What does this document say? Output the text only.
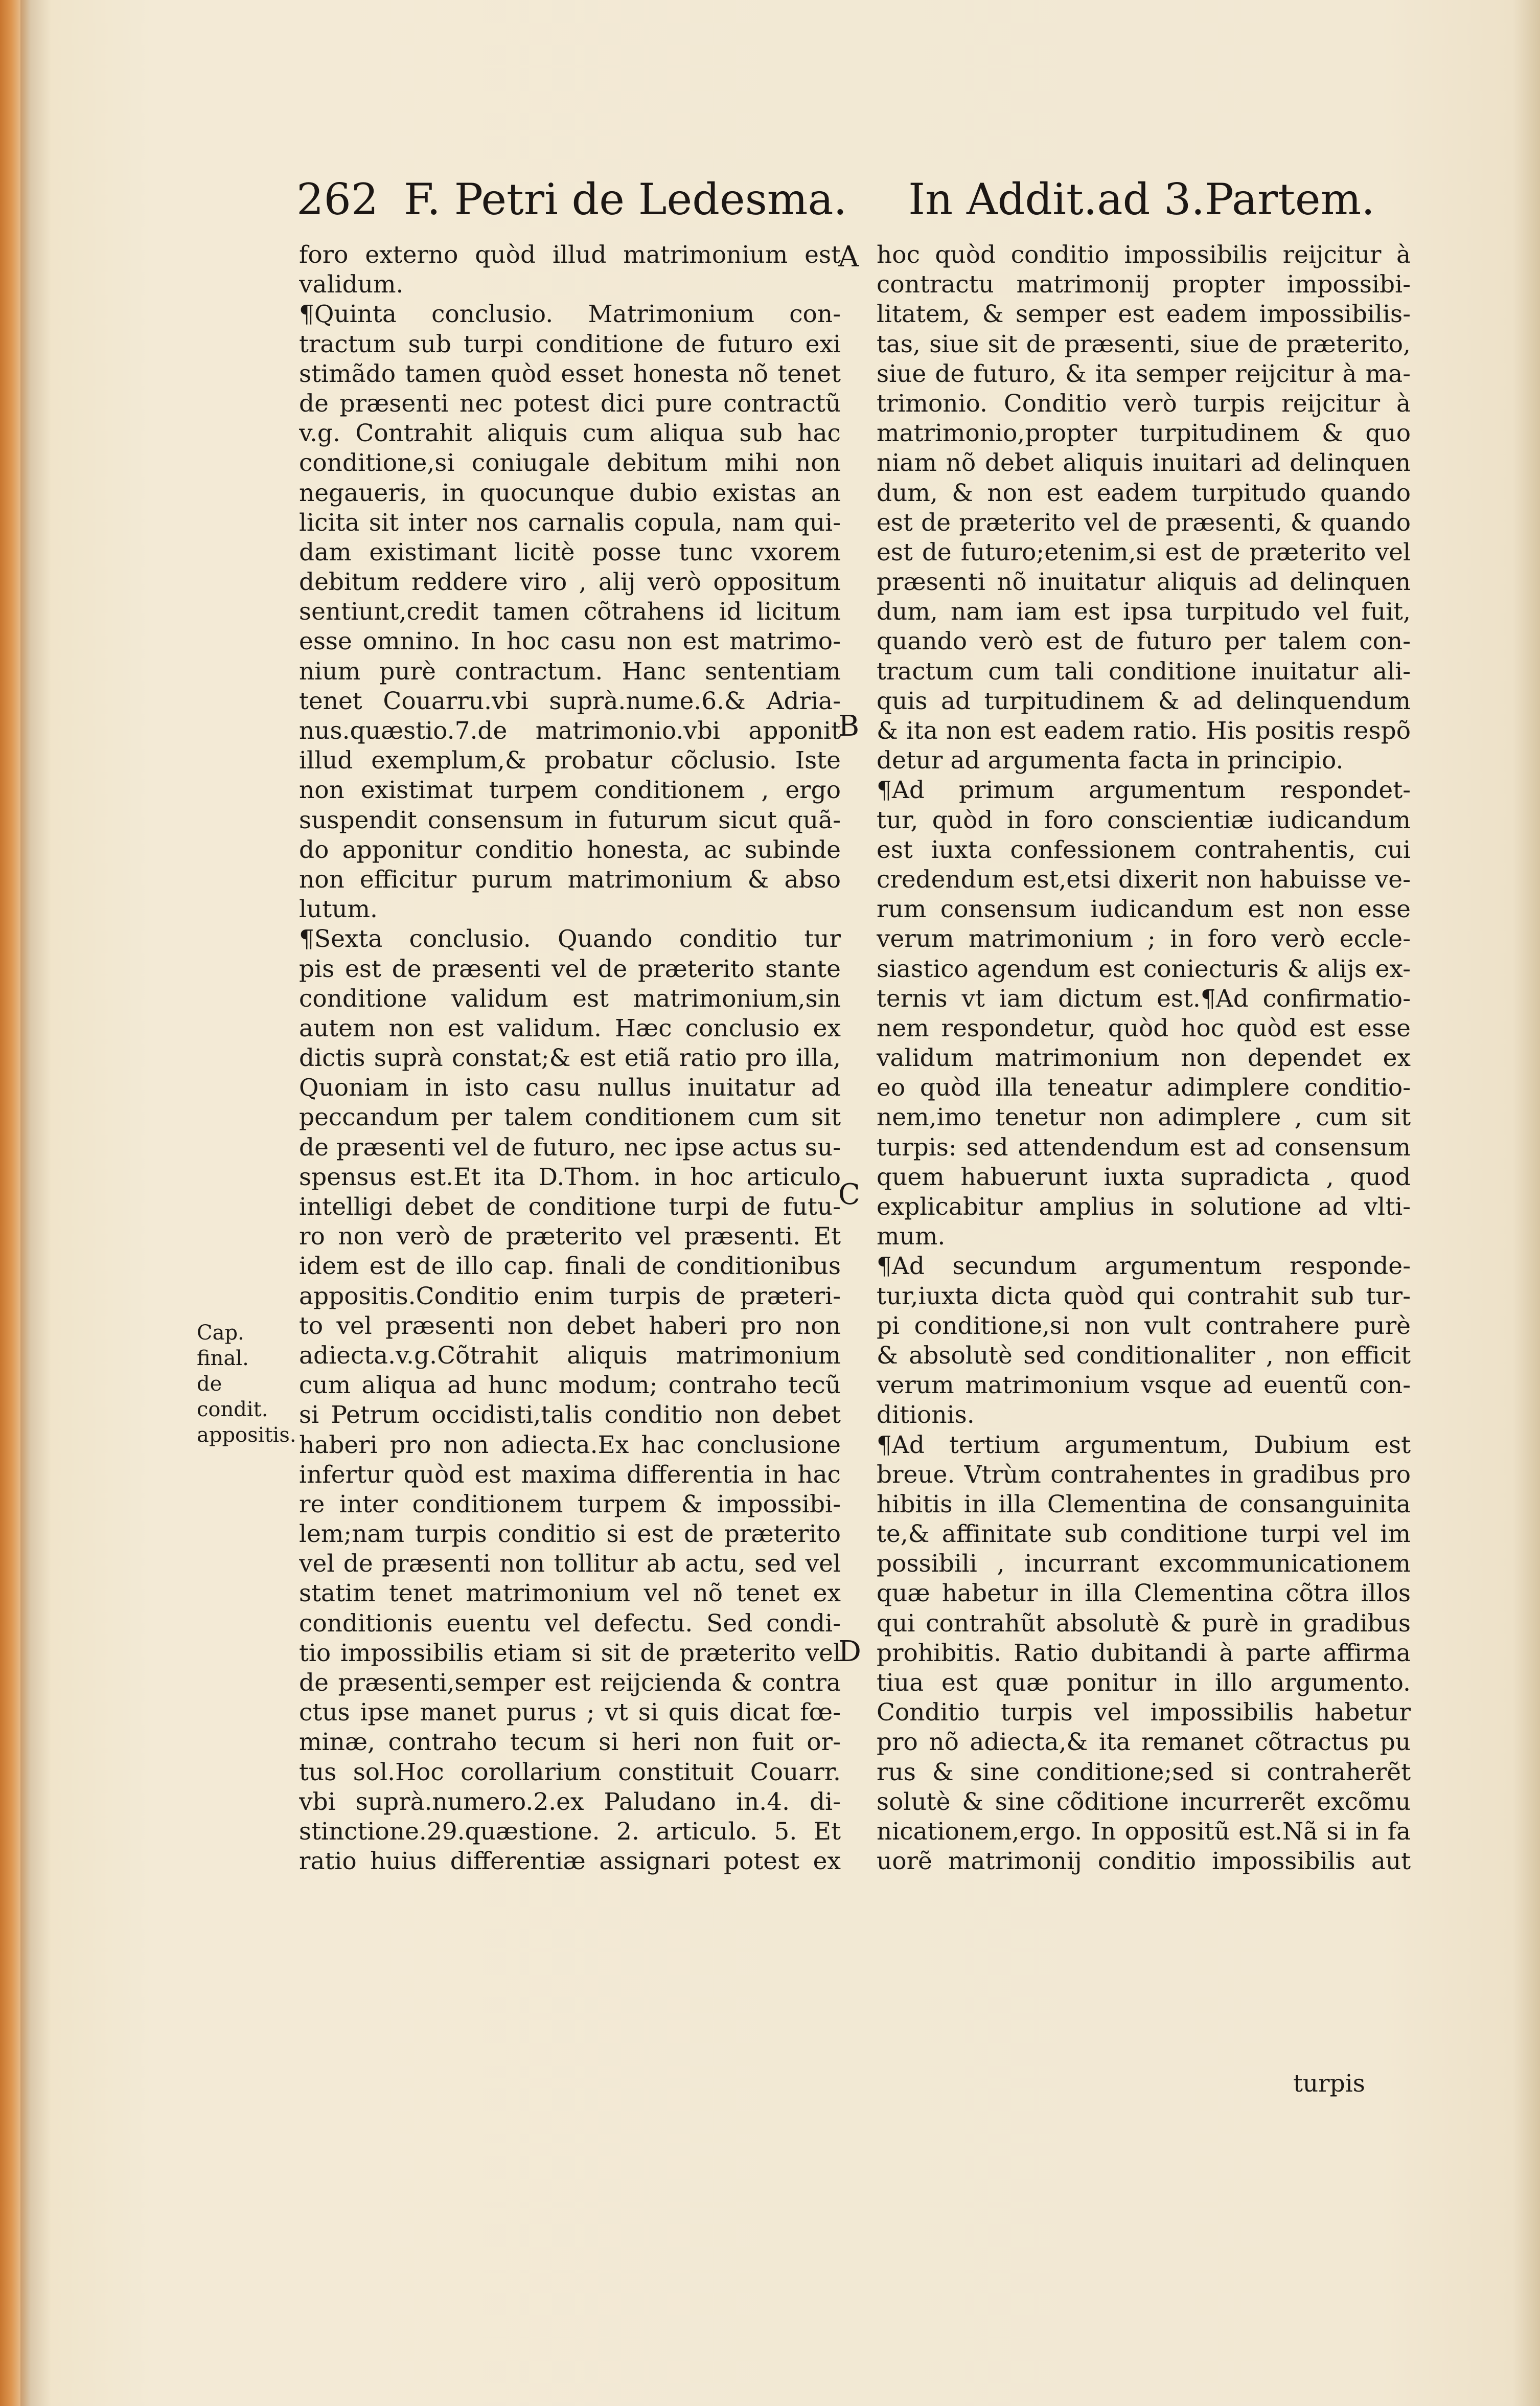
262 F. Petri de Ledesma. In Addit.ad 3.Partem.
A
B
C
D
Cap. final.
de condit.
appositis.
foro externo quòd illud matrimonium est
validum.
¶Quinta conclusio. Matrimonium con-
tractum sub turpi conditione de futuro exi
stimãdo tamen quòd esset honesta nõ tenet
de præsenti nec potest dici pure contractũ
v.g. Contrahit aliquis cum aliqua sub hac
conditione,si coniugale debitum mihi non
negaueris, in quocunque dubio existas an
licita sit inter nos carnalis copula, nam qui-
dam existimant licitè posse tunc vxorem
debitum reddere viro , alij verò oppositum
sentiunt,credit tamen cõtrahens id licitum
esse omnino. In hoc casu non est matrimo-
nium purè contractum. Hanc sententiam
tenet Couarru.vbi suprà.nume.6.& Adria-
nus.quæstio.7.de matrimonio.vbi apponit
illud exemplum,& probatur cõclusio. Iste
non existimat turpem conditionem , ergo
suspendit consensum in futurum sicut quã-
do apponitur conditio honesta, ac subinde
non efficitur purum matrimonium & abso
lutum.
¶Sexta conclusio. Quando conditio tur
pis est de præsenti vel de præterito stante
conditione validum est matrimonium,sin
autem non est validum. Hæc conclusio ex
dictis suprà constat;& est etiã ratio pro illa,
Quoniam in isto casu nullus inuitatur ad
peccandum per talem conditionem cum sit
de præsenti vel de futuro, nec ipse actus su-
spensus est.Et ita D.Thom. in hoc articulo
intelligi debet de conditione turpi de futu-
ro non verò de præterito vel præsenti. Et
idem est de illo cap. finali de conditionibus
appositis.Conditio enim turpis de præteri-
to vel præsenti non debet haberi pro non
adiecta.v.g.Cõtrahit aliquis matrimonium
cum aliqua ad hunc modum; contraho tecũ
si Petrum occidisti,talis conditio non debet
haberi pro non adiecta.Ex hac conclusione
infertur quòd est maxima differentia in hac
re inter conditionem turpem & impossibi-
lem;nam turpis conditio si est de præterito
vel de præsenti non tollitur ab actu, sed vel
statim tenet matrimonium vel nõ tenet ex
conditionis euentu vel defectu. Sed condi-
tio impossibilis etiam si sit de præterito vel
de præsenti,semper est reijcienda & contra
ctus ipse manet purus ; vt si quis dicat fœ-
minæ, contraho tecum si heri non fuit or-
tus sol.Hoc corollarium constituit Couarr.
vbi suprà.numero.2.ex Paludano in.4. di-
stinctione.29.quæstione. 2. articulo. 5. Et
ratio huius differentiæ assignari potest ex
hoc quòd conditio impossibilis reijcitur à
contractu matrimonij propter impossibi-
litatem, & semper est eadem impossibilis-
tas, siue sit de præsenti, siue de præterito,
siue de futuro, & ita semper reijcitur à ma-
trimonio. Conditio verò turpis reijcitur à
matrimonio,propter turpitudinem & quo
niam nõ debet aliquis inuitari ad delinquen
dum, & non est eadem turpitudo quando
est de præterito vel de præsenti, & quando
est de futuro;etenim,si est de præterito vel
præsenti nõ inuitatur aliquis ad delinquen
dum, nam iam est ipsa turpitudo vel fuit,
quando verò est de futuro per talem con-
tractum cum tali conditione inuitatur ali-
quis ad turpitudinem & ad delinquendum
& ita non est eadem ratio. His positis respõ
detur ad argumenta facta in principio.
¶Ad primum argumentum respondet-
tur, quòd in foro conscientiæ iudicandum
est iuxta confessionem contrahentis, cui
credendum est,etsi dixerit non habuisse ve-
rum consensum iudicandum est non esse
verum matrimonium ; in foro verò eccle-
siastico agendum est coniecturis & alijs ex-
ternis vt iam dictum est.¶Ad confirmatio-
nem respondetur, quòd hoc quòd est esse
validum matrimonium non dependet ex
eo quòd illa teneatur adimplere conditio-
nem,imo tenetur non adimplere , cum sit
turpis: sed attendendum est ad consensum
quem habuerunt iuxta supradicta , quod
explicabitur amplius in solutione ad vlti-
mum.
¶Ad secundum argumentum responde-
tur,iuxta dicta quòd qui contrahit sub tur-
pi conditione,si non vult contrahere purè
& absolutè sed conditionaliter , non efficit
verum matrimonium vsque ad euentũ con-
ditionis.
¶Ad tertium argumentum, Dubium est
breue. Vtrùm contrahentes in gradibus pro
hibitis in illa Clementina de consanguinita
te,& affinitate sub conditione turpi vel im
possibili , incurrant excommunicationem
quæ habetur in illa Clementina cõtra illos
qui contrahũt absolutè & purè in gradibus
prohibitis. Ratio dubitandi à parte affirma
tiua est quæ ponitur in illo argumento.
Conditio turpis vel impossibilis habetur
pro nõ adiecta,& ita remanet cõtractus pu
rus & sine conditione;sed si contraherẽt
solutè & sine cõditione incurrerẽt excõmu
nicationem,ergo. In oppositũ est.Nã si in fa
uorẽ matrimonij conditio impossibilis aut
turpis
